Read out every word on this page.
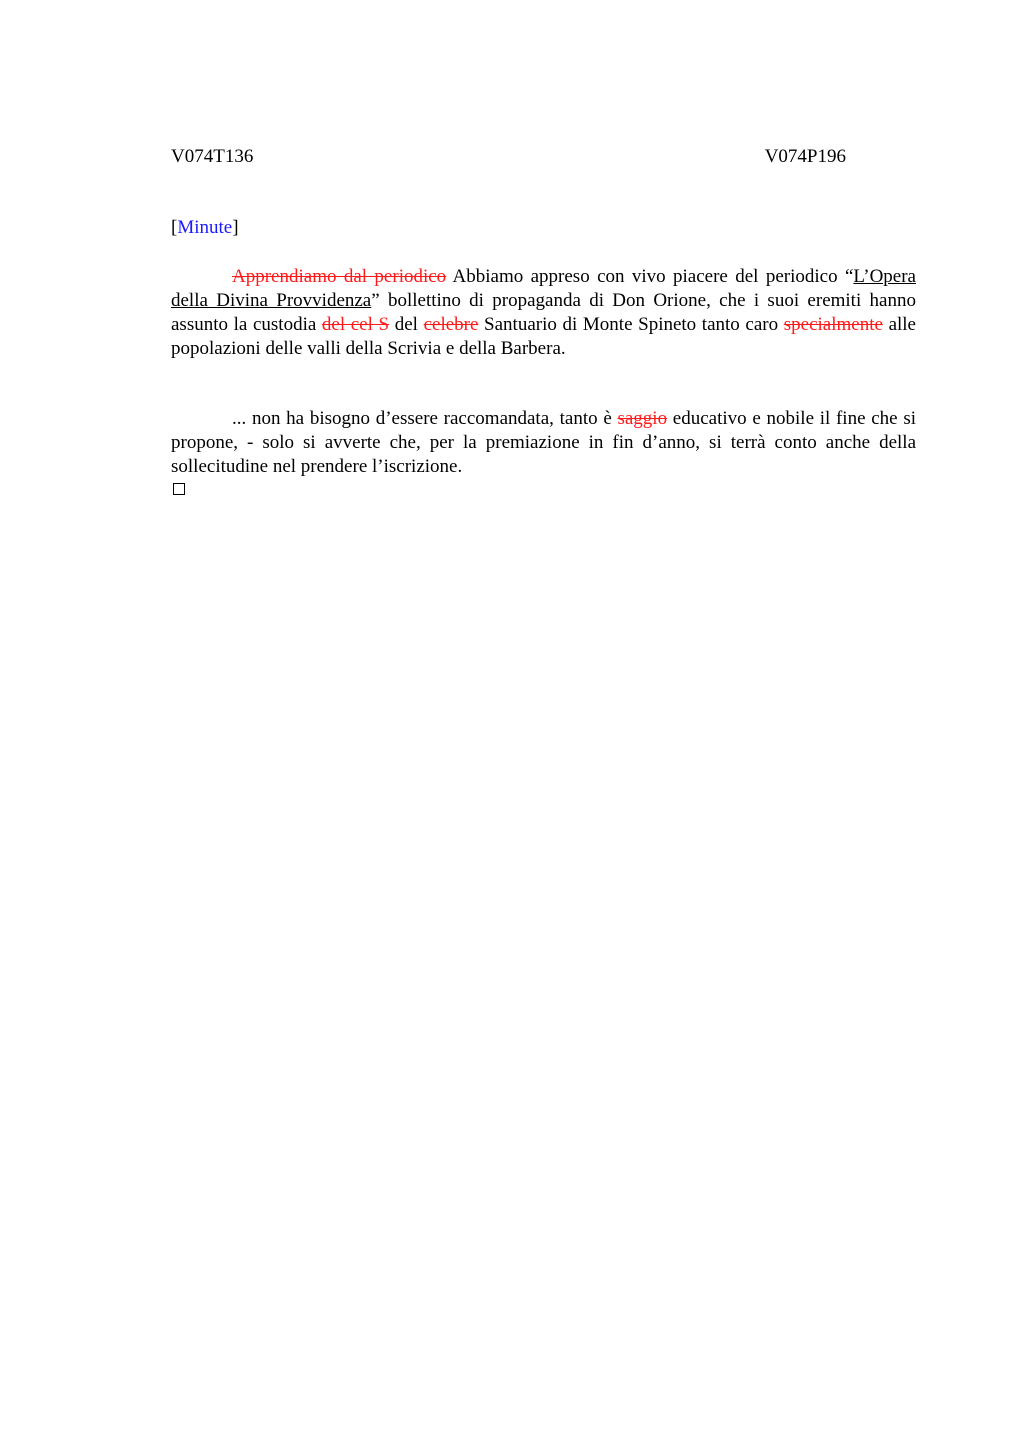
V074T136	V074P196
[Minute]
Apprendiamo dal periodico Abbiamo appreso con vivo piacere del periodico “L’Opera della Divina Provvidenza” bollettino di propaganda di Don Orione, che i suoi eremiti hanno assunto la custodia del cel S del celebre Santuario di Monte Spineto tanto caro specialmente alle popolazioni delle valli della Scrivia e della Barbera.
... non ha bisogno d’essere raccomandata, tanto è saggio educativo e nobile il fine che si propone, - solo si avverte che, per la premiazione in fin d’anno, si terrà conto anche della sollecitudine nel prendere l’iscrizione.
